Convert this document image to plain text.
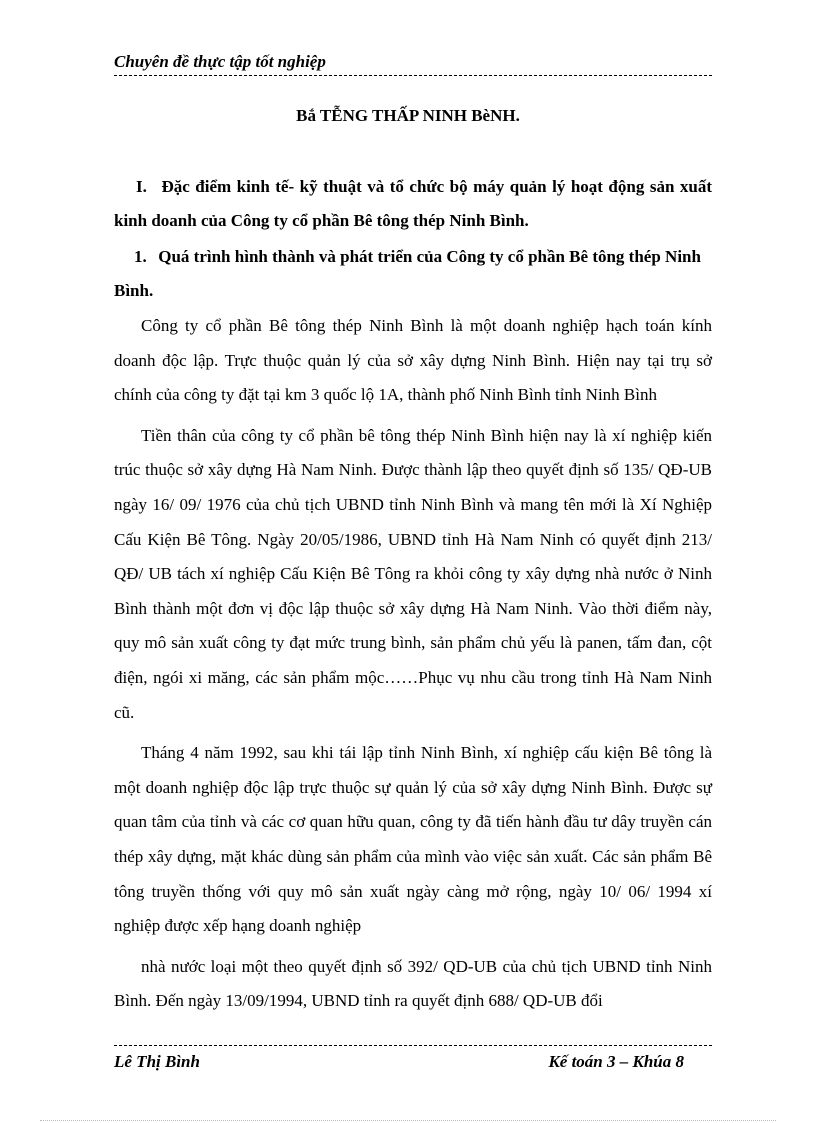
Chuyên đề thực tập tốt nghiệp
Bắ TỄNG THẤP NINH BèNH.
I. Đặc điểm kinh tế- kỹ thuật và tổ chức bộ máy quản lý hoạt động sản xuất kinh doanh của Công ty cổ phần Bê tông thép Ninh Bình.
1. Quá trình hình thành và phát triển của Công ty cổ phần Bê tông thép Ninh Bình.
Công ty cổ phần Bê tông thép Ninh Bình là một doanh nghiệp hạch toán kính doanh độc lập. Trực thuộc quản lý của sở xây dựng Ninh Bình. Hiện nay tại trụ sở chính của công ty đặt tại km 3 quốc lộ 1A, thành phố Ninh Bình tỉnh Ninh Bình
Tiền thân của công ty cổ phần bê tông thép Ninh Bình hiện nay là xí nghiệp kiến trúc thuộc sở xây dựng Hà Nam Ninh. Được thành lập theo quyết định số 135/ QĐ-UB ngày 16/ 09/ 1976 của chủ tịch UBND tỉnh Ninh Bình và mang tên mới là Xí Nghiệp Cấu Kiện Bê Tông. Ngày 20/05/1986, UBND tỉnh Hà Nam Ninh có quyết định 213/ QĐ/ UB tách xí nghiệp Cấu Kiện Bê Tông ra khỏi công ty xây dựng nhà nước ở Ninh Bình thành một đơn vị độc lập thuộc sở xây dựng Hà Nam Ninh. Vào thời điểm này, quy mô sản xuất công ty đạt mức trung bình, sản phẩm chủ yếu là panen, tấm đan, cột điện, ngói xi măng, các sản phẩm mộc……Phục vụ nhu cầu trong tỉnh Hà Nam Ninh cũ.
Tháng 4 năm 1992, sau khi tái lập tỉnh Ninh Bình, xí nghiệp cấu kiện Bê tông là một doanh nghiệp độc lập trực thuộc sự quản lý của sở xây dựng Ninh Bình. Được sự quan tâm của tỉnh và các cơ quan hữu quan, công ty đã tiến hành đầu tư dây truyền cán thép xây dựng, mặt khác dùng sản phẩm của mình vào việc sản xuất. Các sản phẩm Bê tông truyền thống với quy mô sản xuất ngày càng mở rộng, ngày 10/ 06/ 1994 xí nghiệp được xếp hạng doanh nghiệp
nhà nước loại một theo quyết định số 392/ QD-UB của chủ tịch UBND tỉnh Ninh Bình. Đến ngày 13/09/1994, UBND tỉnh ra quyết định 688/ QD-UB đổi
Lê Thị Bình	Kế toán 3 – Khúa 8
